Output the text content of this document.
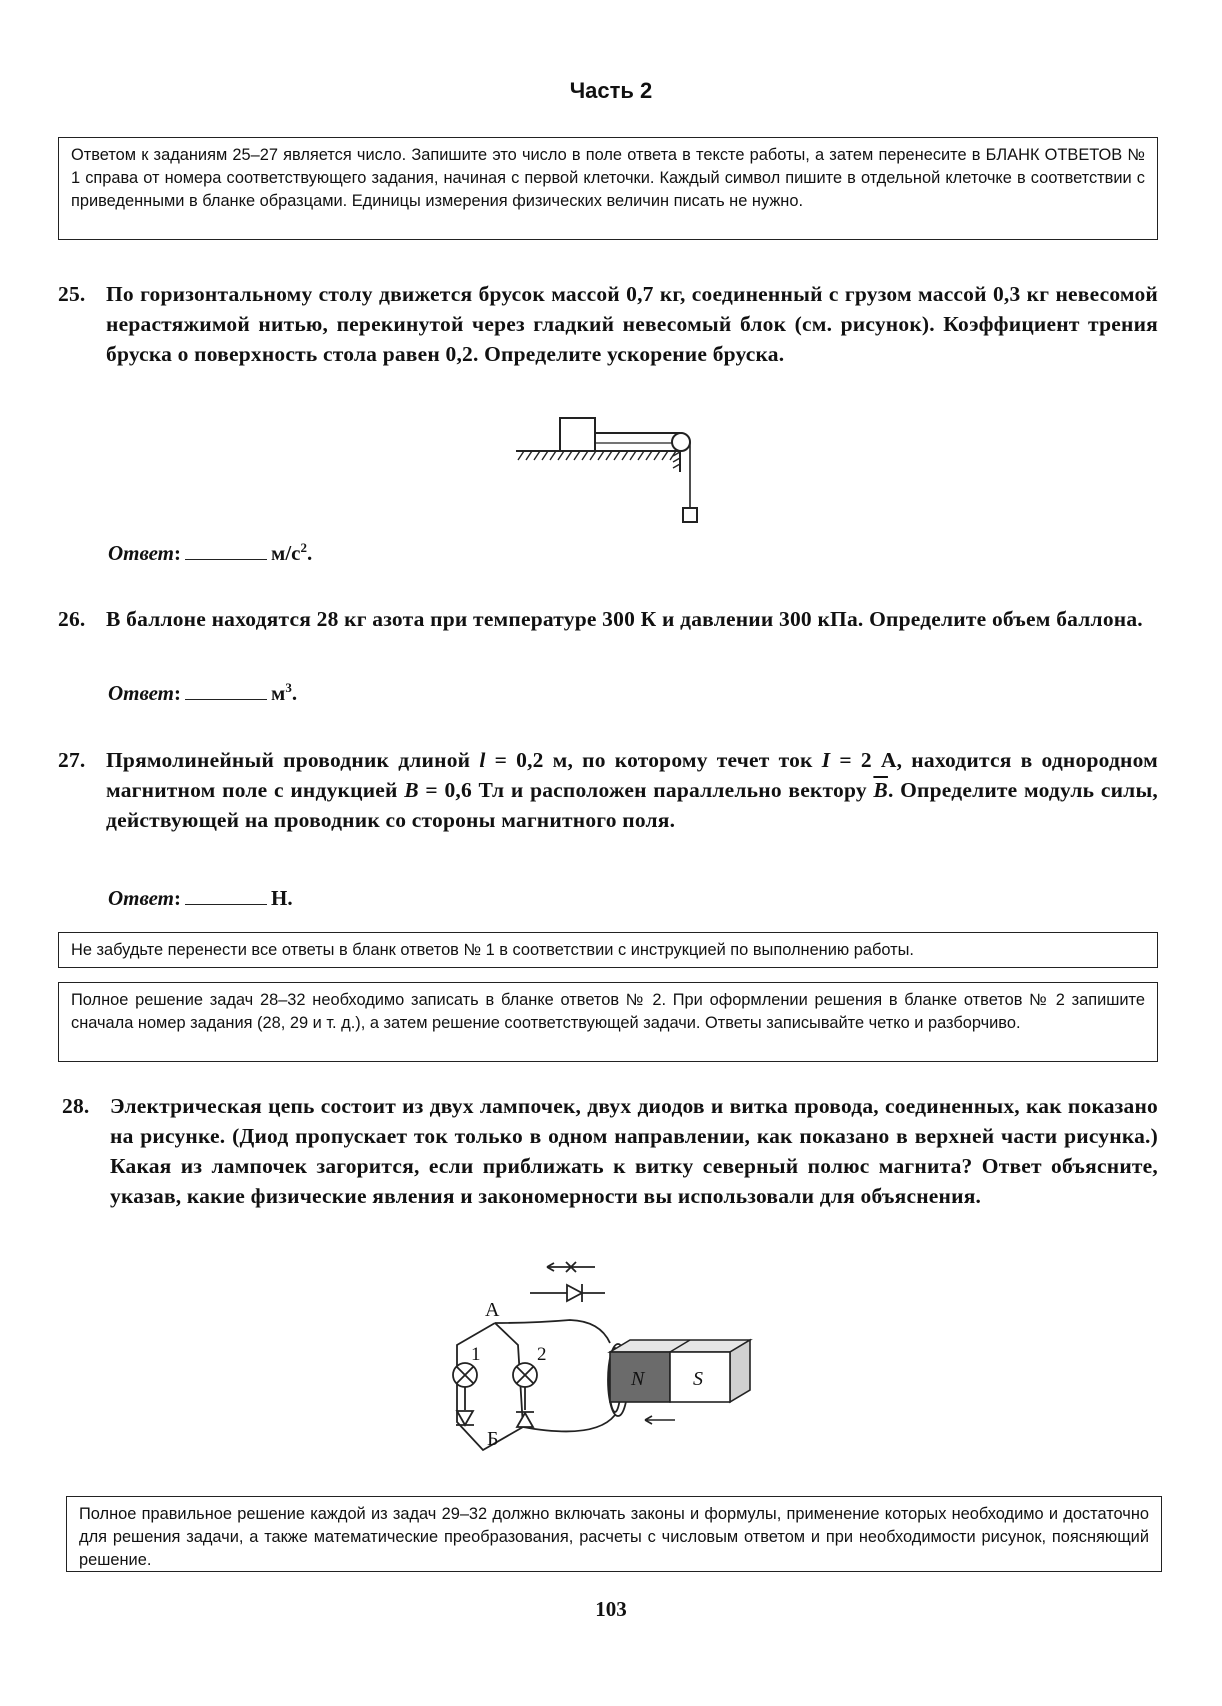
Часть 2
Ответом к заданиям 25–27 является число. Запишите это число в поле ответа в тексте работы, а затем перенесите в БЛАНК ОТВЕТОВ № 1 справа от номера соответствующего задания, начиная с первой клеточки. Каждый символ пишите в отдельной клеточке в соответствии с приведенными в бланке образцами. Единицы измерения физических величин писать не нужно.
25. По горизонтальному столу движется брусок массой 0,7 кг, соединенный с грузом массой 0,3 кг невесомой нерастяжимой нитью, перекинутой через гладкий невесомый блок (см. рисунок). Коэффициент трения бруска о поверхность стола равен 0,2. Определите ускорение бруска.
Ответ:	$м/с^2$.
26. В баллоне находятся 28 кг азота при температуре 300 К и давлении 300 кПа. Определите объем баллона.
Ответ:	$м^3$.
27. Прямолинейный проводник длиной l = 0,2 м, по которому течет ток I = 2 А, находится в однородном магнитном поле с индукцией B = 0,6 Тл и расположен параллельно вектору $\overline{B}$. Определите модуль силы, действующей на проводник со стороны магнитного поля.
Ответ:	Н.
Не забудьте перенести все ответы в бланк ответов № 1 в соответствии с инструкцией по выполнению работы.
Полное решение задач 28–32 необходимо записать в бланке ответов № 2. При оформлении решения в бланке ответов № 2 запишите сначала номер задания (28, 29 и т. д.), а затем решение соответствующей задачи. Ответы записывайте четко и разборчиво.
28. Электрическая цепь состоит из двух лампочек, двух диодов и витка провода, соединенных, как показано на рисунке. (Диод пропускает ток только в одном направлении, как показано в верхней части рисунка.) Какая из лампочек загорится, если приближать к витку северный полюс магнита? Ответ объясните, указав, какие физические явления и закономерности вы использовали для объяснения.
А
Б
1	2
N S
Полное правильное решение каждой из задач 29–32 должно включать законы и формулы, применение которых необходимо и достаточно для решения задачи, а также математические преобразования, расчеты с числовым ответом и при необходимости рисунок, поясняющий решение.
103
